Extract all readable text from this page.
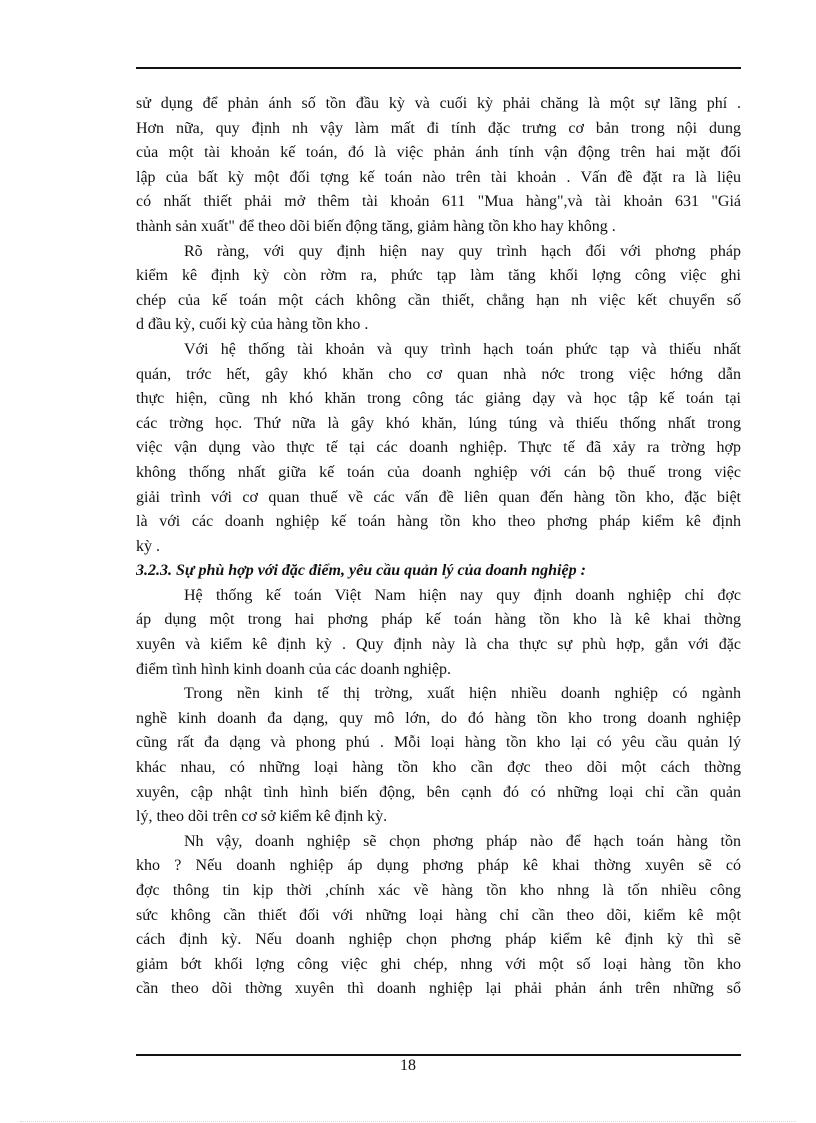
sử dụng để phản ánh số tồn đầu kỳ và cuối kỳ phải chăng là một sự lãng phí .
Hơn nữa, quy định nh vậy làm mất đi tính đặc trưng cơ bản trong nội dung
của một tài khoản kế toán, đó là việc phản ánh tính vận động trên hai mặt đối
lập của bất kỳ một đối tợng kế toán nào trên tài khoản . Vấn đề đặt ra là liệu
có nhất thiết phải mở thêm tài khoản 611 "Mua hàng",và tài khoản 631 "Giá
thành sản xuất" để theo dõi biến động tăng, giảm hàng tồn kho hay không .
Rõ ràng, với quy định hiện nay quy trình hạch đối với phơng pháp
kiểm kê định kỳ còn rờm ra, phức tạp làm tăng khối lợng công việc ghi
chép của kế toán một cách không cần thiết, chẳng hạn nh việc kết chuyển số
d đầu kỳ, cuối kỳ của hàng tồn kho .
Với hệ thống tài khoản và quy trình hạch toán phức tạp và thiếu nhất
quán, trớc hết, gây khó khăn cho cơ quan nhà nớc trong việc hớng dẫn
thực hiện, cũng nh khó khăn trong công tác giảng dạy và học tập kế toán tại
các trờng học. Thứ nữa là gây khó khăn, lúng túng và thiếu thống nhất trong
việc vận dụng vào thực tế tại các doanh nghiệp. Thực tế đã xảy ra trờng hợp
không thống nhất giữa kế toán của doanh nghiệp với cán bộ thuế trong việc
giải trình với cơ quan thuế về các vấn đề liên quan đến hàng tồn kho, đặc biệt
là với các doanh nghiệp kế toán hàng tồn kho theo phơng pháp kiểm kê định
kỳ .
3.2.3. Sự phù hợp với đặc điểm, yêu cầu quản lý của doanh nghiệp :
Hệ thống kế toán Việt Nam hiện nay quy định doanh nghiệp chỉ đợc
áp dụng một trong hai phơng pháp kế toán hàng tồn kho là kê khai thờng
xuyên và kiểm kê định kỳ . Quy định này là cha thực sự phù hợp, gắn với đặc
điểm tình hình kinh doanh của các doanh nghiệp.
Trong nền kinh tế thị trờng, xuất hiện nhiều doanh nghiệp có ngành
nghề kinh doanh đa dạng, quy mô lớn, do đó hàng tồn kho trong doanh nghiệp
cũng rất đa dạng và phong phú . Mỗi loại hàng tồn kho lại có yêu cầu quản lý
khác nhau, có những loại hàng tồn kho cần đợc theo dõi một cách thờng
xuyên, cập nhật tình hình biến động, bên cạnh đó có những loại chỉ cần quản
lý, theo dõi trên cơ sở kiểm kê định kỳ.
Nh vậy, doanh nghiệp sẽ chọn phơng pháp nào để hạch toán hàng tồn
kho ? Nếu doanh nghiệp áp dụng phơng pháp kê khai thờng xuyên sẽ có
đợc thông tin kịp thời ,chính xác về hàng tồn kho nhng là tốn nhiều công
sức không cần thiết đối với những loại hàng chỉ cần theo dõi, kiểm kê một
cách định kỳ. Nếu doanh nghiệp chọn phơng pháp kiểm kê định kỳ thì sẽ
giảm bớt khối lợng công việc ghi chép, nhng với một số loại hàng tồn kho
cần theo dõi thờng xuyên thì doanh nghiệp lại phải phản ánh trên những sổ
18
